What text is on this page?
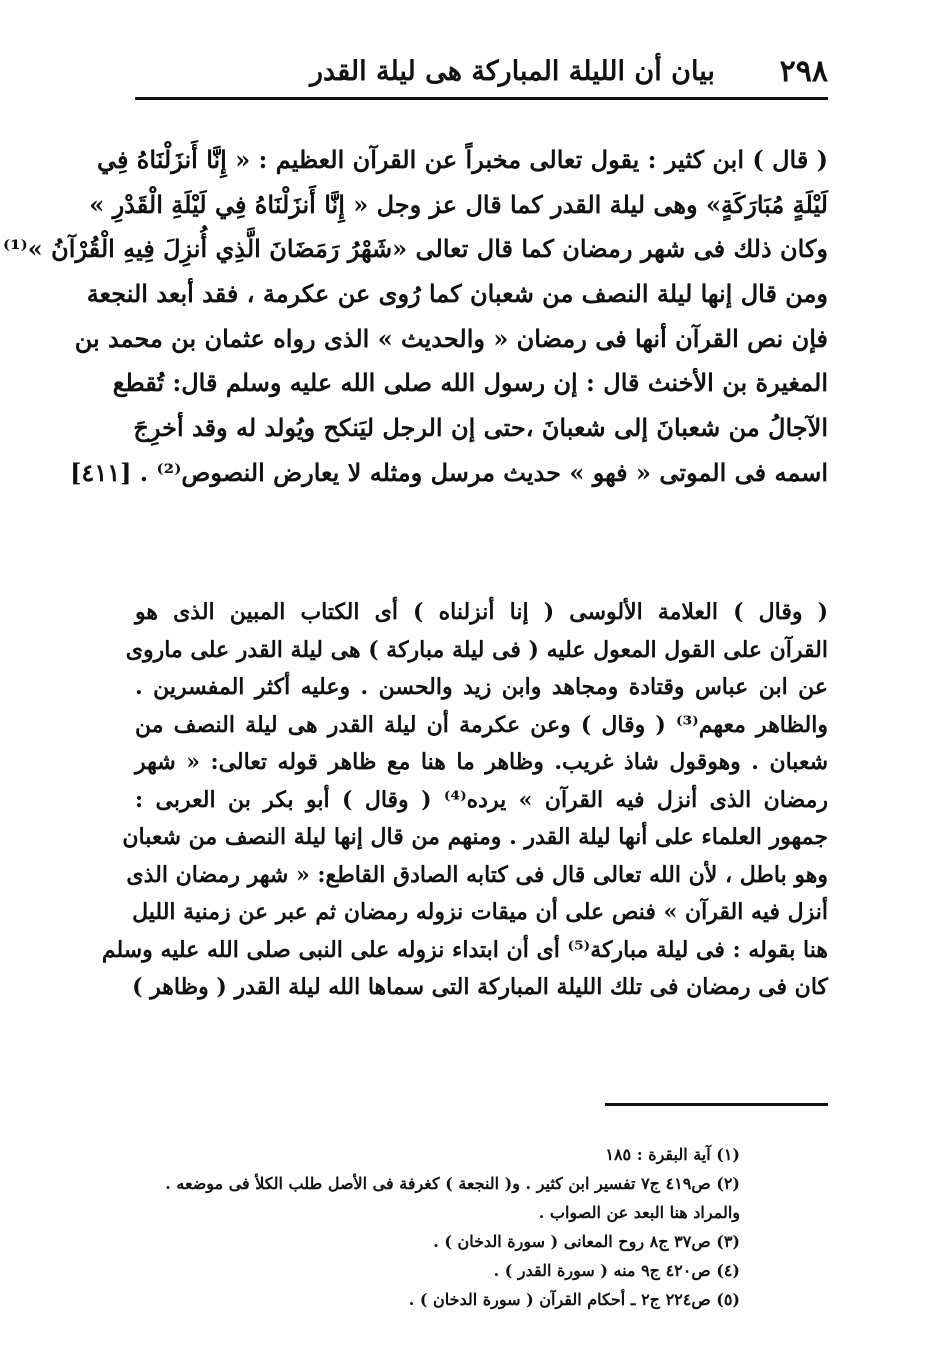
٢٩٨
بيان أن الليلة المباركة هى ليلة القدر
( قال ) ابن كثير : يقول تعالى مخبراً عن القرآن العظيم : « إِنَّا أَنزَلْنَاهُ فِي
لَيْلَةٍ مُبَارَكَةٍ» وهى ليلة القدر كما قال عز وجل « إِنَّا أَنزَلْنَاهُ فِي لَيْلَةِ الْقَدْرِ »
وكان ذلك فى شهر رمضان كما قال تعالى «شَهْرُ رَمَضَانَ الَّذِي أُنزِلَ فِيهِ الْقُرْآنُ »⁽¹⁾
ومن قال إنها ليلة النصف من شعبان كما رُوى عن عكرمة ، فقد أبعد النجعة
فإن نص القرآن أنها فى رمضان « والحديث » الذى رواه عثمان بن محمد بن
المغيرة بن الأخنث قال : إن رسول الله صلى الله عليه وسلم قال: تُقطع
الآجالُ من شعبانَ إلى شعبانَ ،حتى إن الرجل ليَنكح ويُولد له وقد أخرِجَ
اسمه فى الموتى « فهو » حديث مرسل ومثله لا يعارض النصوص⁽²⁾ . [٤١١]
( وقال ) العلامة الألوسى ( إنا أنزلناه ) أى الكتاب المبين الذى هو
القرآن على القول المعول عليه ( فى ليلة مباركة ) هى ليلة القدر على ماروى
عن ابن عباس وقتادة ومجاهد وابن زيد والحسن . وعليه أكثر المفسرين .
والظاهر معهم⁽³⁾ ( وقال ) وعن عكرمة أن ليلة القدر هى ليلة النصف من
شعبان . وهوقول شاذ غريب. وظاهر ما هنا مع ظاهر قوله تعالى: « شهر
رمضان الذى أنزل فيه القرآن » يرده⁽⁴⁾ ( وقال ) أبو بكر بن العربى :
جمهور العلماء على أنها ليلة القدر . ومنهم من قال إنها ليلة النصف من شعبان
وهو باطل ، لأن الله تعالى قال فى كتابه الصادق القاطع: « شهر رمضان الذى
أنزل فيه القرآن » فنص على أن ميقات نزوله رمضان ثم عبر عن زمنية الليل
هنا بقوله : فى ليلة مباركة⁽⁵⁾ أى أن ابتداء نزوله على النبى صلى الله عليه وسلم
كان فى رمضان فى تلك الليلة المباركة التى سماها الله ليلة القدر ( وظاهر )
(١) آية البقرة : ١٨٥
(٢) ص٤١٩ ج٧ تفسير ابن كثير . و( النجعة ) كغرفة فى الأصل طلب الكلأ فى موضعه .
والمراد هنا البعد عن الصواب .
(٣) ص٣٧ ج٨ روح المعانى ( سورة الدخان ) .
(٤) ص٤٢٠ ج٩ منه ( سورة القدر ) .
(٥) ص٢٢٤ ج٢ ـ أحكام القرآن ( سورة الدخان ) .
